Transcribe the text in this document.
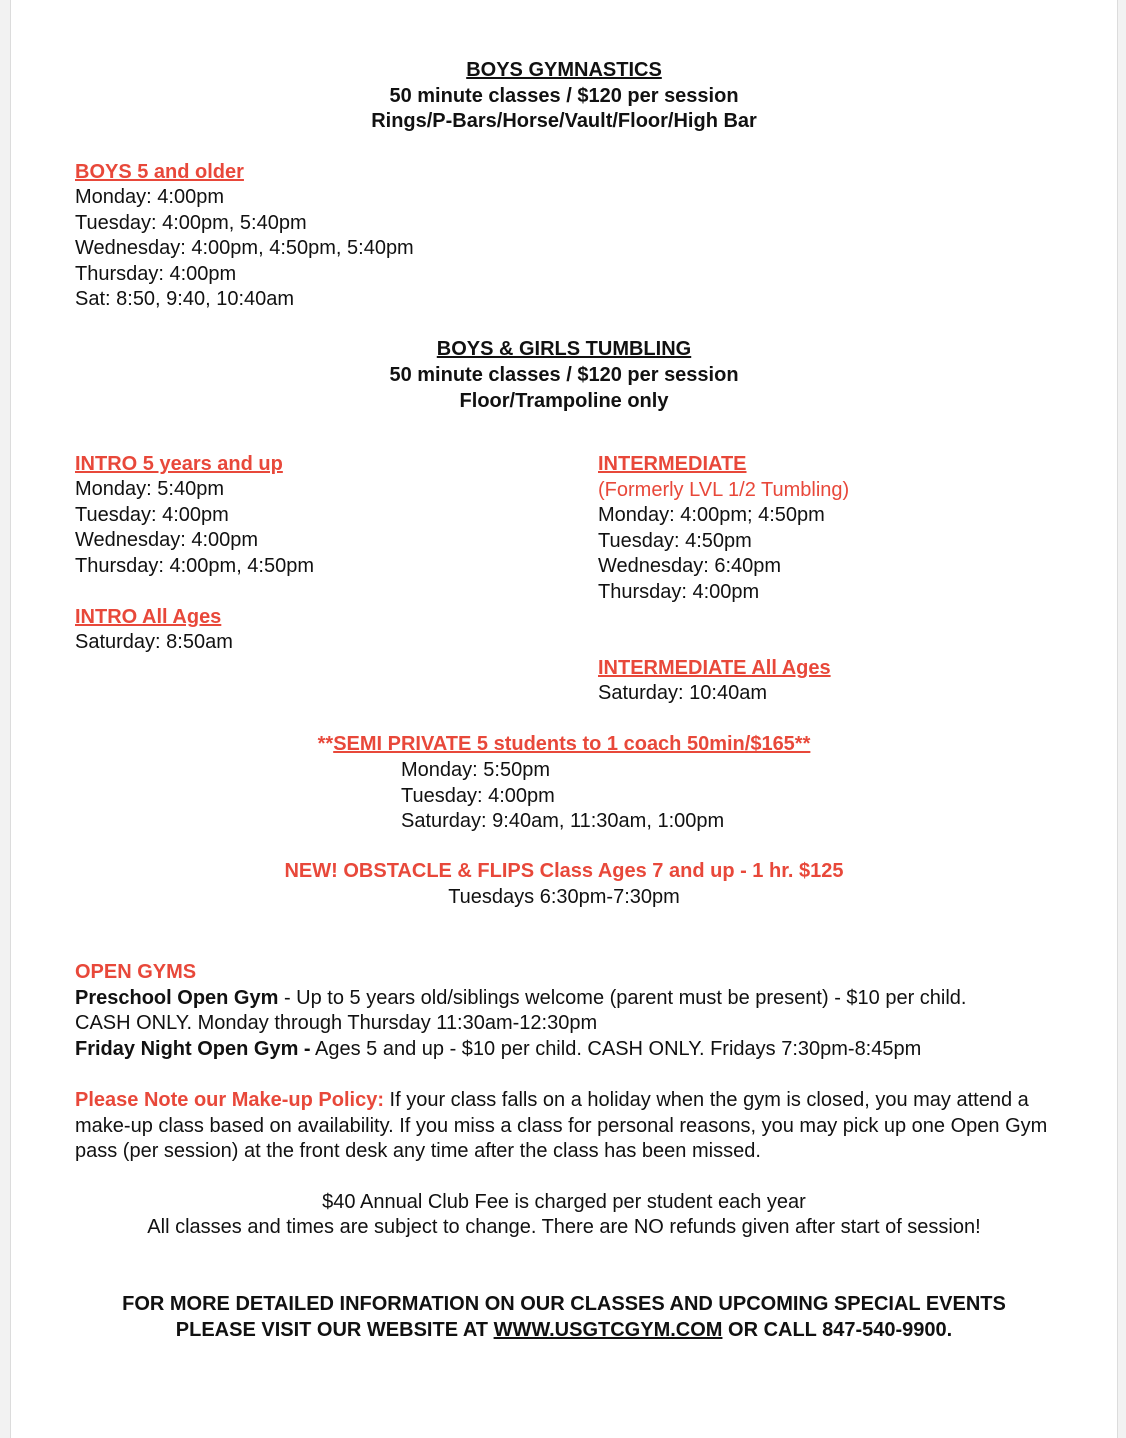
BOYS GYMNASTICS
50 minute classes / $120 per session
Rings/P-Bars/Horse/Vault/Floor/High Bar
BOYS 5 and older
Monday: 4:00pm
Tuesday: 4:00pm, 5:40pm
Wednesday: 4:00pm, 4:50pm, 5:40pm
Thursday: 4:00pm
Sat: 8:50, 9:40, 10:40am
BOYS & GIRLS TUMBLING
50 minute classes / $120 per session
Floor/Trampoline only
INTRO 5 years and up
Monday: 5:40pm
Tuesday: 4:00pm
Wednesday: 4:00pm
Thursday: 4:00pm, 4:50pm
INTRO All Ages
Saturday: 8:50am
INTERMEDIATE
(Formerly LVL 1/2 Tumbling)
Monday: 4:00pm; 4:50pm
Tuesday: 4:50pm
Wednesday: 6:40pm
Thursday: 4:00pm
INTERMEDIATE All Ages
Saturday: 10:40am
**SEMI PRIVATE 5 students to 1 coach 50min/$165**
Monday: 5:50pm
Tuesday: 4:00pm
Saturday: 9:40am, 11:30am, 1:00pm
NEW! OBSTACLE & FLIPS Class Ages 7 and up - 1 hr. $125
Tuesdays 6:30pm-7:30pm
OPEN GYMS
Preschool Open Gym - Up to 5 years old/siblings welcome (parent must be present) - $10 per child.
CASH ONLY. Monday through Thursday 11:30am-12:30pm
Friday Night Open Gym - Ages 5 and up - $10 per child. CASH ONLY. Fridays 7:30pm-8:45pm
Please Note our Make-up Policy: If your class falls on a holiday when the gym is closed, you may attend a make-up class based on availability. If you miss a class for personal reasons, you may pick up one Open Gym pass (per session) at the front desk any time after the class has been missed.
$40 Annual Club Fee is charged per student each year
All classes and times are subject to change. There are NO refunds given after start of session!
FOR MORE DETAILED INFORMATION ON OUR CLASSES AND UPCOMING SPECIAL EVENTS
PLEASE VISIT OUR WEBSITE AT WWW.USGTCGYM.COM OR CALL 847-540-9900.
